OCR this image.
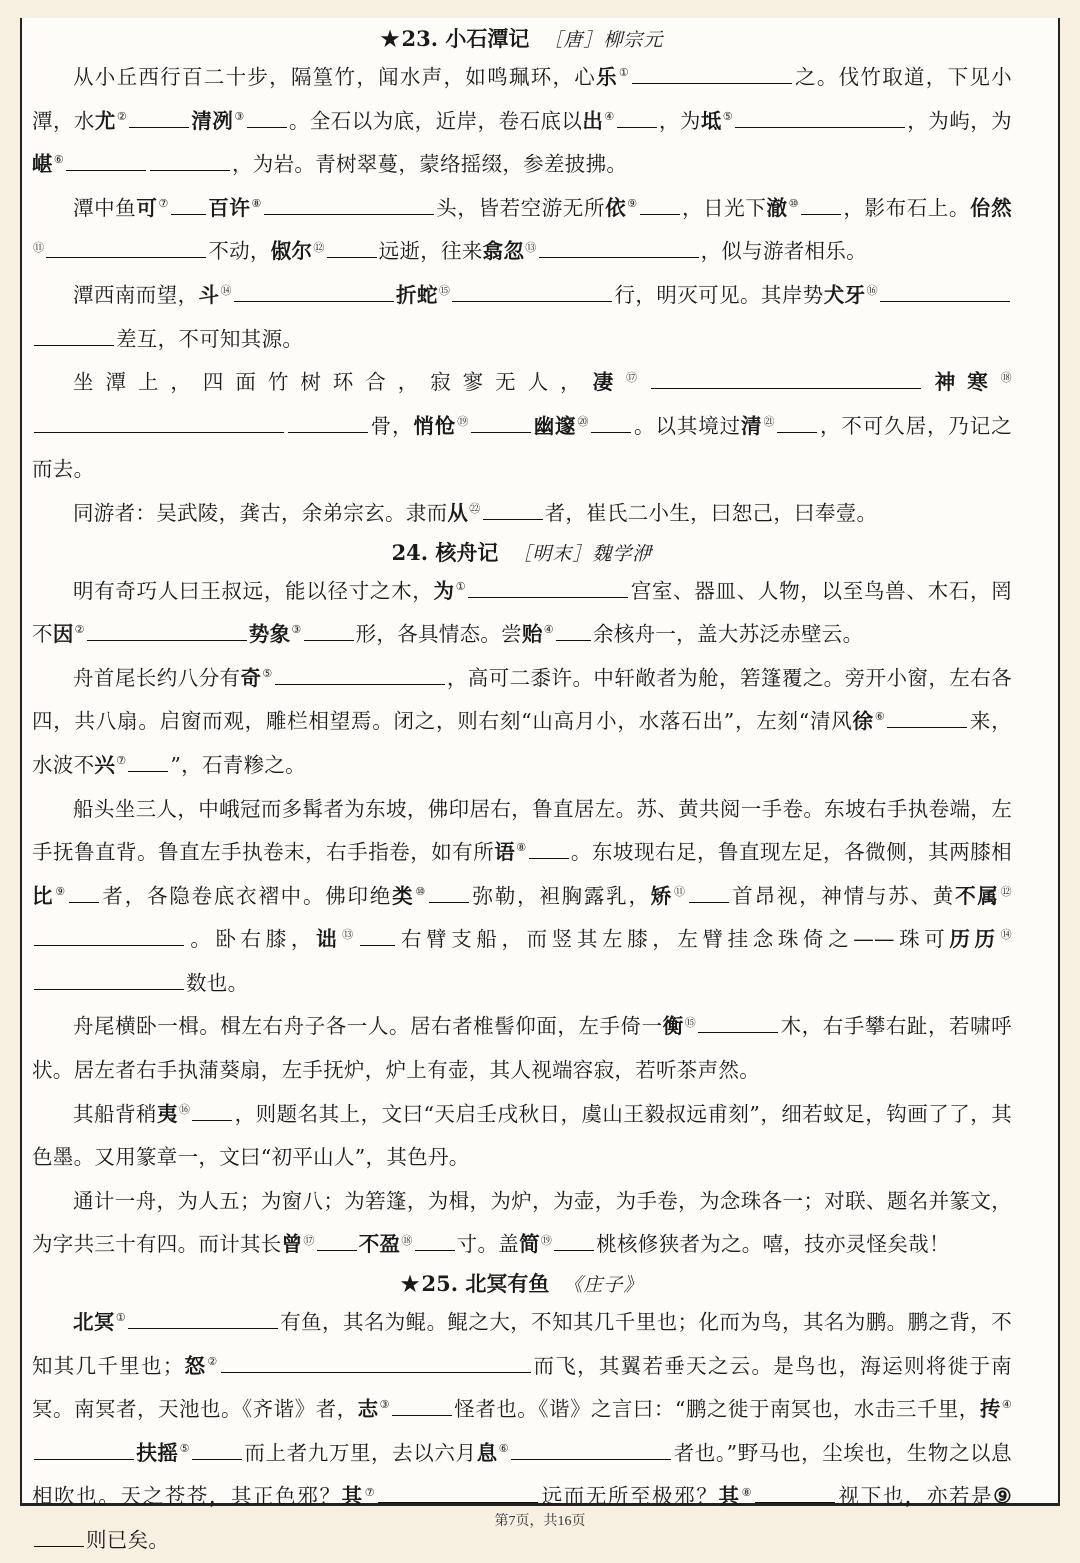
★23. 小石潭记 ［唐］柳宗元

从小丘西行百二十步，隔篁竹，闻水声，如鸣珮环，心乐①	之。伐竹取道，下见小潭，水尤②	清冽③ 。全石以为底，近岸，卷石底以出④ ，为坻⑤	，为屿，为嵁⑥	，为岩。青树翠蔓，蒙络摇缀，参差披拂。

潭中鱼可⑦ 百许⑧	头，皆若空游无所依⑨ ，日光下澈⑩ ，影布石上。佁然⑪	不动，俶尔⑫	远逝，往来翕忽⑬	，似与游者相乐。

潭西南而望，斗⑭	折蛇⑮	行，明灭可见。其岸势犬牙⑯差互，不可知其源。

坐潭上，四面竹树环合，寂寥无人，凄⑰	神寒⑱骨，悄怆⑲	幽邃⑳ 。以其境过清$^㉑$ ，不可久居，乃记之而去。

同游者：吴武陵，龚古，余弟宗玄。隶而从$^㉒$	者，崔氏二小生，曰恕己，曰奉壹。

24. 核舟记 ［明末］魏学洢

明有奇巧人曰王叔远，能以径寸之木，为①	宫室、器皿、人物，以至鸟兽、木石，罔不因②	势象③	形，各具情态。尝贻④ 余核舟一，盖大苏泛赤壁云。

舟首尾长约八分有奇⑤	，高可二黍许。中轩敞者为舱，箬篷覆之。旁开小窗，左右各四，共八扇。启窗而观，雕栏相望焉。闭之，则右刻“山高月小，水落石出”，左刻“清风徐⑥	来，水波不兴⑦ ”，石青糁之。

船头坐三人，中峨冠而多髯者为东坡，佛印居右，鲁直居左。苏、黄共阅一手卷。东坡右手执卷端，左手抚鲁直背。鲁直左手执卷末，右手指卷，如有所语⑧ 。东坡现右足，鲁直现左足，各微侧，其两膝相比⑨ 者，各隐卷底衣褶中。佛印绝类⑩ 弥勒，袒胸露乳，矫⑪ 首昂视，神情与苏、黄不属⑫。卧右膝，诎⑬ 右臂支船，而竖其左膝，左臂挂念珠倚之——珠可历历⑭数也。

舟尾横卧一楫。楫左右舟子各一人。居右者椎髻仰面，左手倚一衡⑮	木，右手攀右趾，若啸呼状。居左者右手执蒲葵扇，左手抚炉，炉上有壶，其人视端容寂，若听茶声然。

其船背稍夷⑯ ，则题名其上，文曰“天启壬戌秋日，虞山王毅叔远甫刻”，细若蚊足，钩画了了，其色墨。又用篆章一，文曰“初平山人”，其色丹。

通计一舟，为人五；为窗八；为箬篷，为楫，为炉，为壶，为手卷，为念珠各一；对联、题名并篆文，为字共三十有四。而计其长曾⑰ 不盈⑱ 寸。盖简⑲ 桃核修狭者为之。嘻，技亦灵怪矣哉！

★25. 北冥有鱼 《庄子》

北冥①	有鱼，其名为鲲。鲲之大，不知其几千里也；化而为鸟，其名为鹏。鹏之背，不知其几千里也；怒②	而飞，其翼若垂天之云。是鸟也，海运则将徙于南冥。南冥者，天池也。《齐谐》者，志③	怪者也。《谐》之言曰：“鹏之徙于南冥也，水击三千里，抟④扶摇⑤	而上者九万里，去以六月息⑥	者也。”野马也，尘埃也，生物之以息相吹也。天之苍苍，其正色邪？其⑦	远而无所至极邪？其⑧	视下也，亦若是⑨则已矣。

第7页，共16页
